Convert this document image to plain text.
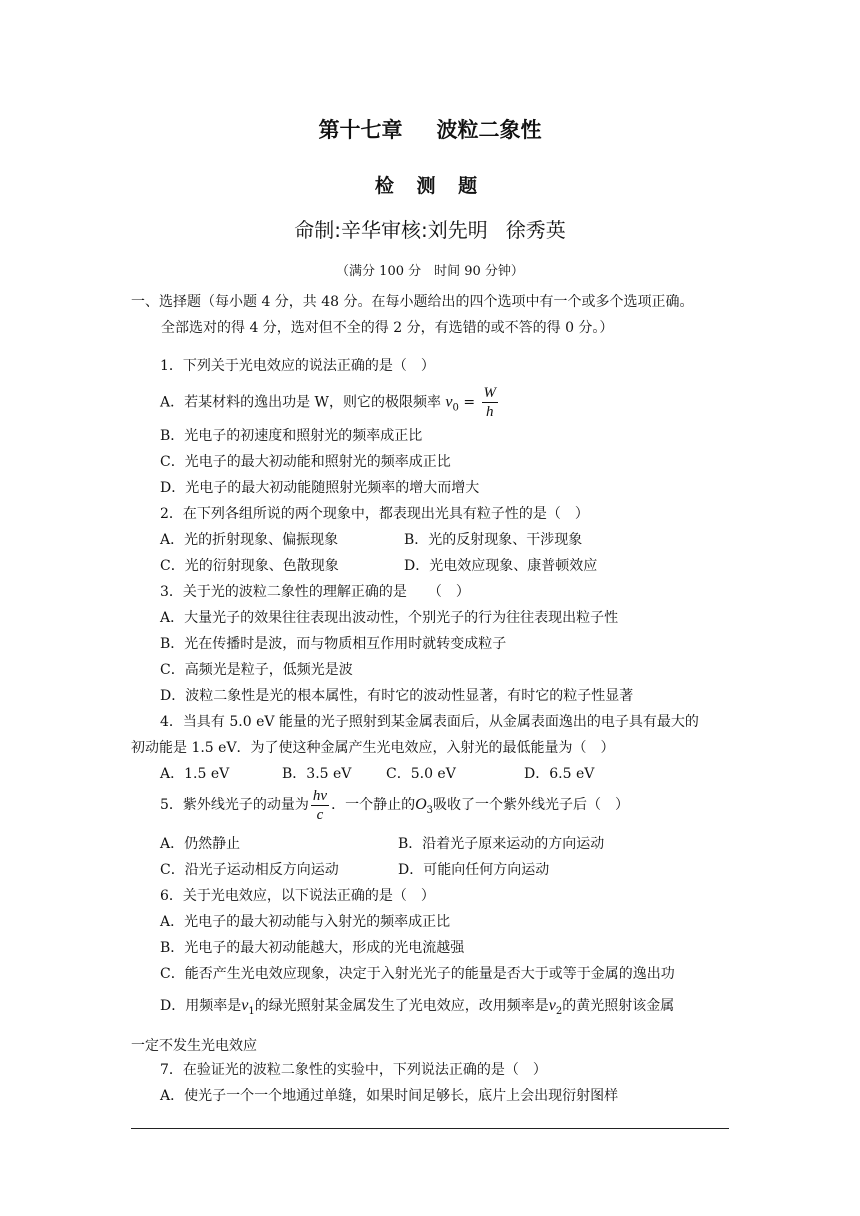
第十七章 波粒二象性
检 测 题
命制:辛华审核:刘先明 徐秀英
（满分 100 分　时间 90 分钟）
一、选择题（每小题 4 分，共 48 分。在每小题给出的四个选项中有一个或多个选项正确。
全部选对的得 4 分，选对但不全的得 2 分，有选错的或不答的得 0 分。）
1．下列关于光电效应的说法正确的是（　）
A．若某材料的逸出功是 W，则它的极限频率 $\nu_0 = \frac{W}{h}$
B．光电子的初速度和照射光的频率成正比
C．光电子的最大初动能和照射光的频率成正比
D．光电子的最大初动能随照射光频率的增大而增大
2．在下列各组所说的两个现象中，都表现出光具有粒子性的是（　）
A．光的折射现象、偏振现象	B．光的反射现象、干涉现象
C．光的衍射现象、色散现象	D．光电效应现象、康普顿效应
3．关于光的波粒二象性的理解正确的是　　（　）
A．大量光子的效果往往表现出波动性，个别光子的行为往往表现出粒子性
B．光在传播时是波，而与物质相互作用时就转变成粒子
C．高频光是粒子，低频光是波
D．波粒二象性是光的根本属性，有时它的波动性显著，有时它的粒子性显著
4．当具有 5.0 eV 能量的光子照射到某金属表面后，从金属表面逸出的电子具有最大的
初动能是 1.5 eV．为了使这种金属产生光电效应，入射光的最低能量为（　）
A．1.5 eV	B．3.5 eV C．5.0 eV	D．6.5 eV
5．紫外线光子的动量为 $\frac{h\nu}{c}$ ．一个静止的$O_3$吸收了一个紫外线光子后（　）
A．仍然静止	B．沿着光子原来运动的方向运动
C．沿光子运动相反方向运动	D．可能向任何方向运动
6．关于光电效应，以下说法正确的是（　）
A．光电子的最大初动能与入射光的频率成正比
B．光电子的最大初动能越大，形成的光电流越强
C．能否产生光电效应现象，决定于入射光光子的能量是否大于或等于金属的逸出功
D．用频率是$\nu_1$的绿光照射某金属发生了光电效应，改用频率是$\nu_2$的黄光照射该金属
一定不发生光电效应
7．在验证光的波粒二象性的实验中，下列说法正确的是（　）
A．使光子一个一个地通过单缝，如果时间足够长，底片上会出现衍射图样
